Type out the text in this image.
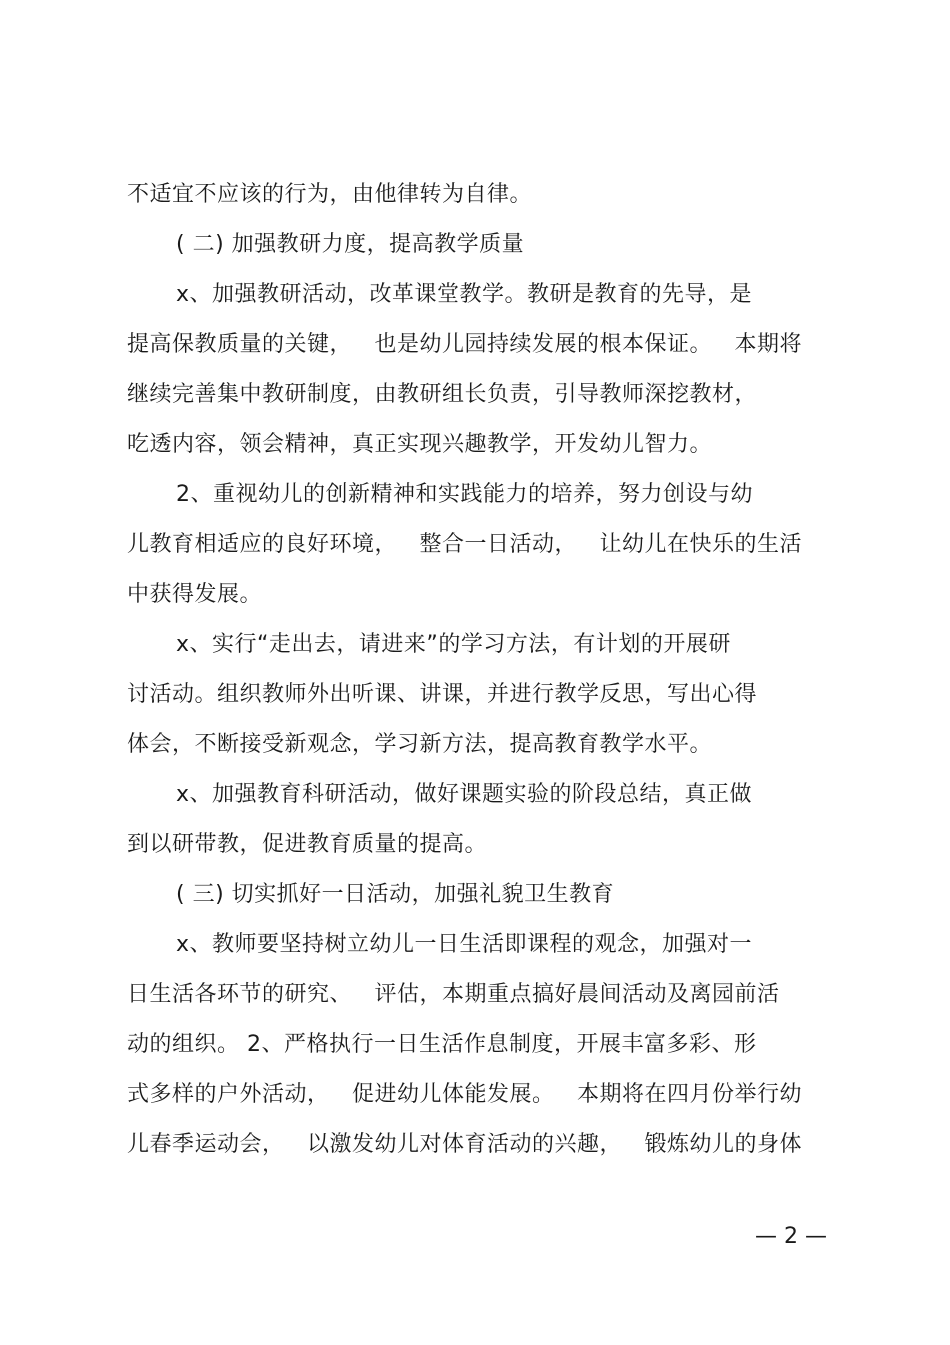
不适宜不应该的行为，由他律转为自律。
( 二) 加强教研力度，提高教学质量
x、加强教研活动，改革课堂教学。教研是教育的先导，是
提高保教质量的关键，   也是幼儿园持续发展的根本保证。   本期将
继续完善集中教研制度，由教研组长负责，引导教师深挖教材，
吃透内容，领会精神，真正实现兴趣教学，开发幼儿智力。
2、重视幼儿的创新精神和实践能力的培养，努力创设与幼
儿教育相适应的良好环境，   整合一日活动，   让幼儿在快乐的生活
中获得发展。
x、实行“走出去，请进来”的学习方法，有计划的开展研
讨活动。组织教师外出听课、讲课，并进行教学反思，写出心得
体会，不断接受新观念，学习新方法，提高教育教学水平。
x、加强教育科研活动，做好课题实验的阶段总结，真正做
到以研带教，促进教育质量的提高。
( 三) 切实抓好一日活动，加强礼貌卫生教育
x、教师要坚持树立幼儿一日生活即课程的观念，加强对一
日生活各环节的研究、   评估，本期重点搞好晨间活动及离园前活
动的组织。 2、严格执行一日生活作息制度，开展丰富多彩、形
式多样的户外活动，   促进幼儿体能发展。   本期将在四月份举行幼
儿春季运动会，   以激发幼儿对体育活动的兴趣，   锻炼幼儿的身体
— 2 —
